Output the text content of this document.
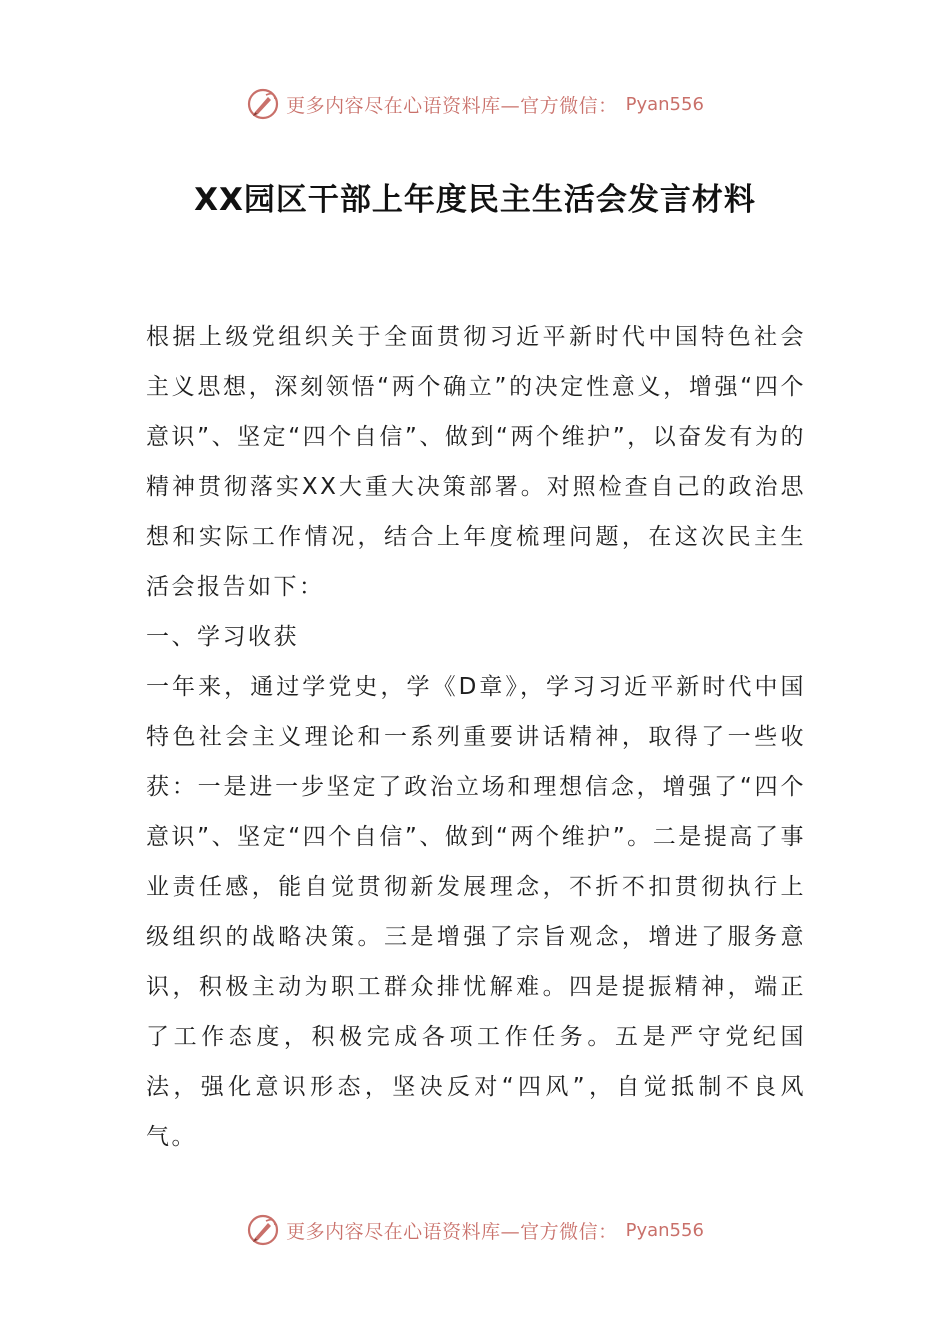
更多内容尽在心语资料库—官方微信： Pyan556
XX园区干部上年度民主生活会发言材料

根据上级党组织关于全面贯彻习近平新时代中国特色社会主义思想，深刻领悟“两个确立”的决定性意义，增强“四个意识”、坚定“四个自信”、做到“两个维护”，以奋发有为的精神贯彻落实XX大重大决策部署。对照检查自己的政治思想和实际工作情况，结合上年度梳理问题，在这次民主生活会报告如下：

一、学习收获

一年来，通过学党史，学《D章》，学习习近平新时代中国特色社会主义理论和一系列重要讲话精神，取得了一些收获：一是进一步坚定了政治立场和理想信念，增强了“四个意识”、坚定“四个自信”、做到“两个维护”。二是提高了事业责任感，能自觉贯彻新发展理念，不折不扣贯彻执行上级组织的战略决策。三是增强了宗旨观念，增进了服务意识，积极主动为职工群众排忧解难。四是提振精神，端正了工作态度，积极完成各项工作任务。五是严守党纪国法，强化意识形态，坚决反对“四风”，自觉抵制不良风气。

更多内容尽在心语资料库—官方微信： Pyan556
